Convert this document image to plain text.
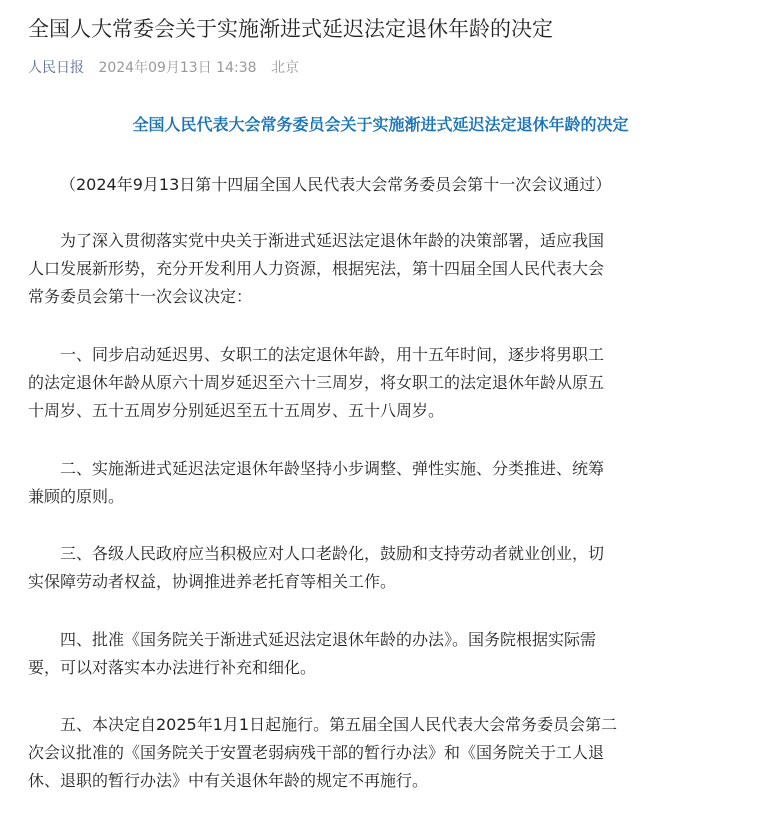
全国人大常委会关于实施渐进式延迟法定退休年龄的决定
人民日报 2024年09月13日 14:38 北京
全国人民代表大会常务委员会关于实施渐进式延迟法定退休年龄的决定
（2024年9月13日第十四届全国人民代表大会常务委员会第十一次会议通过）
为了深入贯彻落实党中央关于渐进式延迟法定退休年龄的决策部署，适应我国
人口发展新形势，充分开发利用人力资源，根据宪法，第十四届全国人民代表大会
常务委员会第十一次会议决定：
一、同步启动延迟男、女职工的法定退休年龄，用十五年时间，逐步将男职工
的法定退休年龄从原六十周岁延迟至六十三周岁，将女职工的法定退休年龄从原五
十周岁、五十五周岁分别延迟至五十五周岁、五十八周岁。
二、实施渐进式延迟法定退休年龄坚持小步调整、弹性实施、分类推进、统筹
兼顾的原则。
三、各级人民政府应当积极应对人口老龄化，鼓励和支持劳动者就业创业，切
实保障劳动者权益，协调推进养老托育等相关工作。
四、批准《国务院关于渐进式延迟法定退休年龄的办法》。国务院根据实际需
要，可以对落实本办法进行补充和细化。
五、本决定自2025年1月1日起施行。第五届全国人民代表大会常务委员会第二
次会议批准的《国务院关于安置老弱病残干部的暂行办法》和《国务院关于工人退
休、退职的暂行办法》中有关退休年龄的规定不再施行。
